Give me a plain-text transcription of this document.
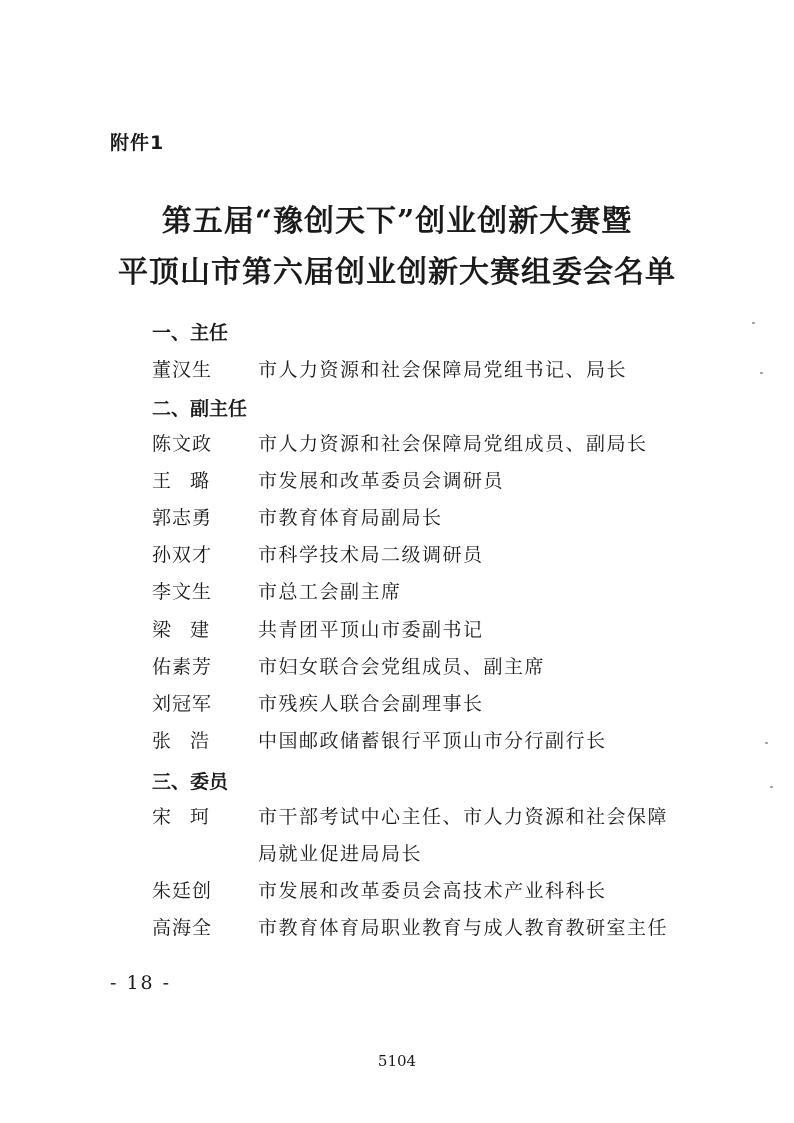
附件1
第五届“豫创天下”创业创新大赛暨
平顶山市第六届创业创新大赛组委会名单
一、主任
董汉生	市人力资源和社会保障局党组书记、局长
二、副主任
陈文政	市人力资源和社会保障局党组成员、副局长
王　璐	市发展和改革委员会调研员
郭志勇	市教育体育局副局长
孙双才	市科学技术局二级调研员
李文生	市总工会副主席
梁　建	共青团平顶山市委副书记
佑素芳	市妇女联合会党组成员、副主席
刘冠军	市残疾人联合会副理事长
张　浩	中国邮政储蓄银行平顶山市分行副行长
三、委员
宋　珂	市干部考试中心主任、市人力资源和社会保障
局就业促进局局长
朱廷创	市发展和改革委员会高技术产业科科长
高海全	市教育体育局职业教育与成人教育教研室主任
- 18 -
5104
